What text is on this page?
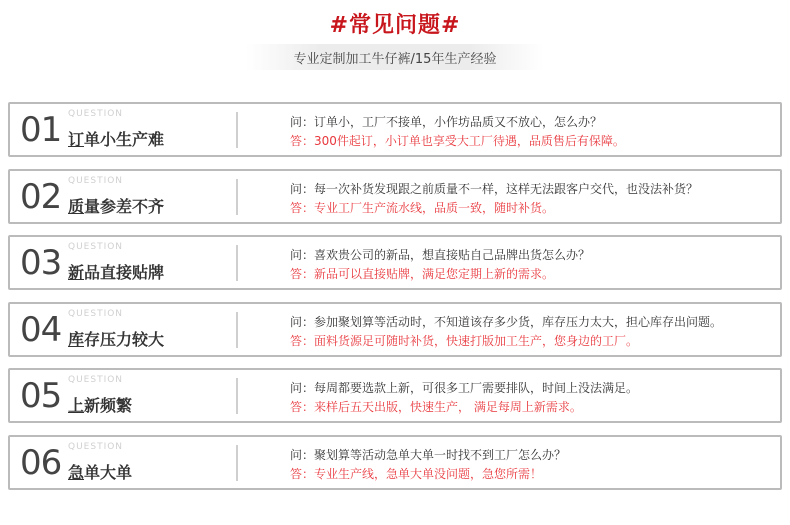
#常见问题#
专业定制加工牛仔裤/15年生产经验
01 QUESTION
订单小生产难
问：订单小，工厂不接单，小作坊品质又不放心，怎么办？
答：300件起订，小订单也享受大工厂待遇，品质售后有保障。
02 QUESTION
质量参差不齐
问：每一次补货发现跟之前质量不一样，这样无法跟客户交代，也没法补货？
答：专业工厂生产流水线，品质一致，随时补货。
03 QUESTION
新品直接贴牌
问：喜欢贵公司的新品，想直接贴自己品牌出货怎么办？
答：新品可以直接贴牌，满足您定期上新的需求。
04 QUESTION
库存压力较大
问：参加聚划算等活动时，不知道该存多少货，库存压力太大，担心库存出问题。
答：面料货源足可随时补货，快速打版加工生产，您身边的工厂。
05 QUESTION
上新频繁
问：每周都要选款上新，可很多工厂需要排队，时间上没法满足。
答：来样后五天出版，快速生产， 满足每周上新需求。
06 QUESTION
急单大单
问：聚划算等活动急单大单一时找不到工厂怎么办？
答：专业生产线，急单大单没问题，急您所需！
